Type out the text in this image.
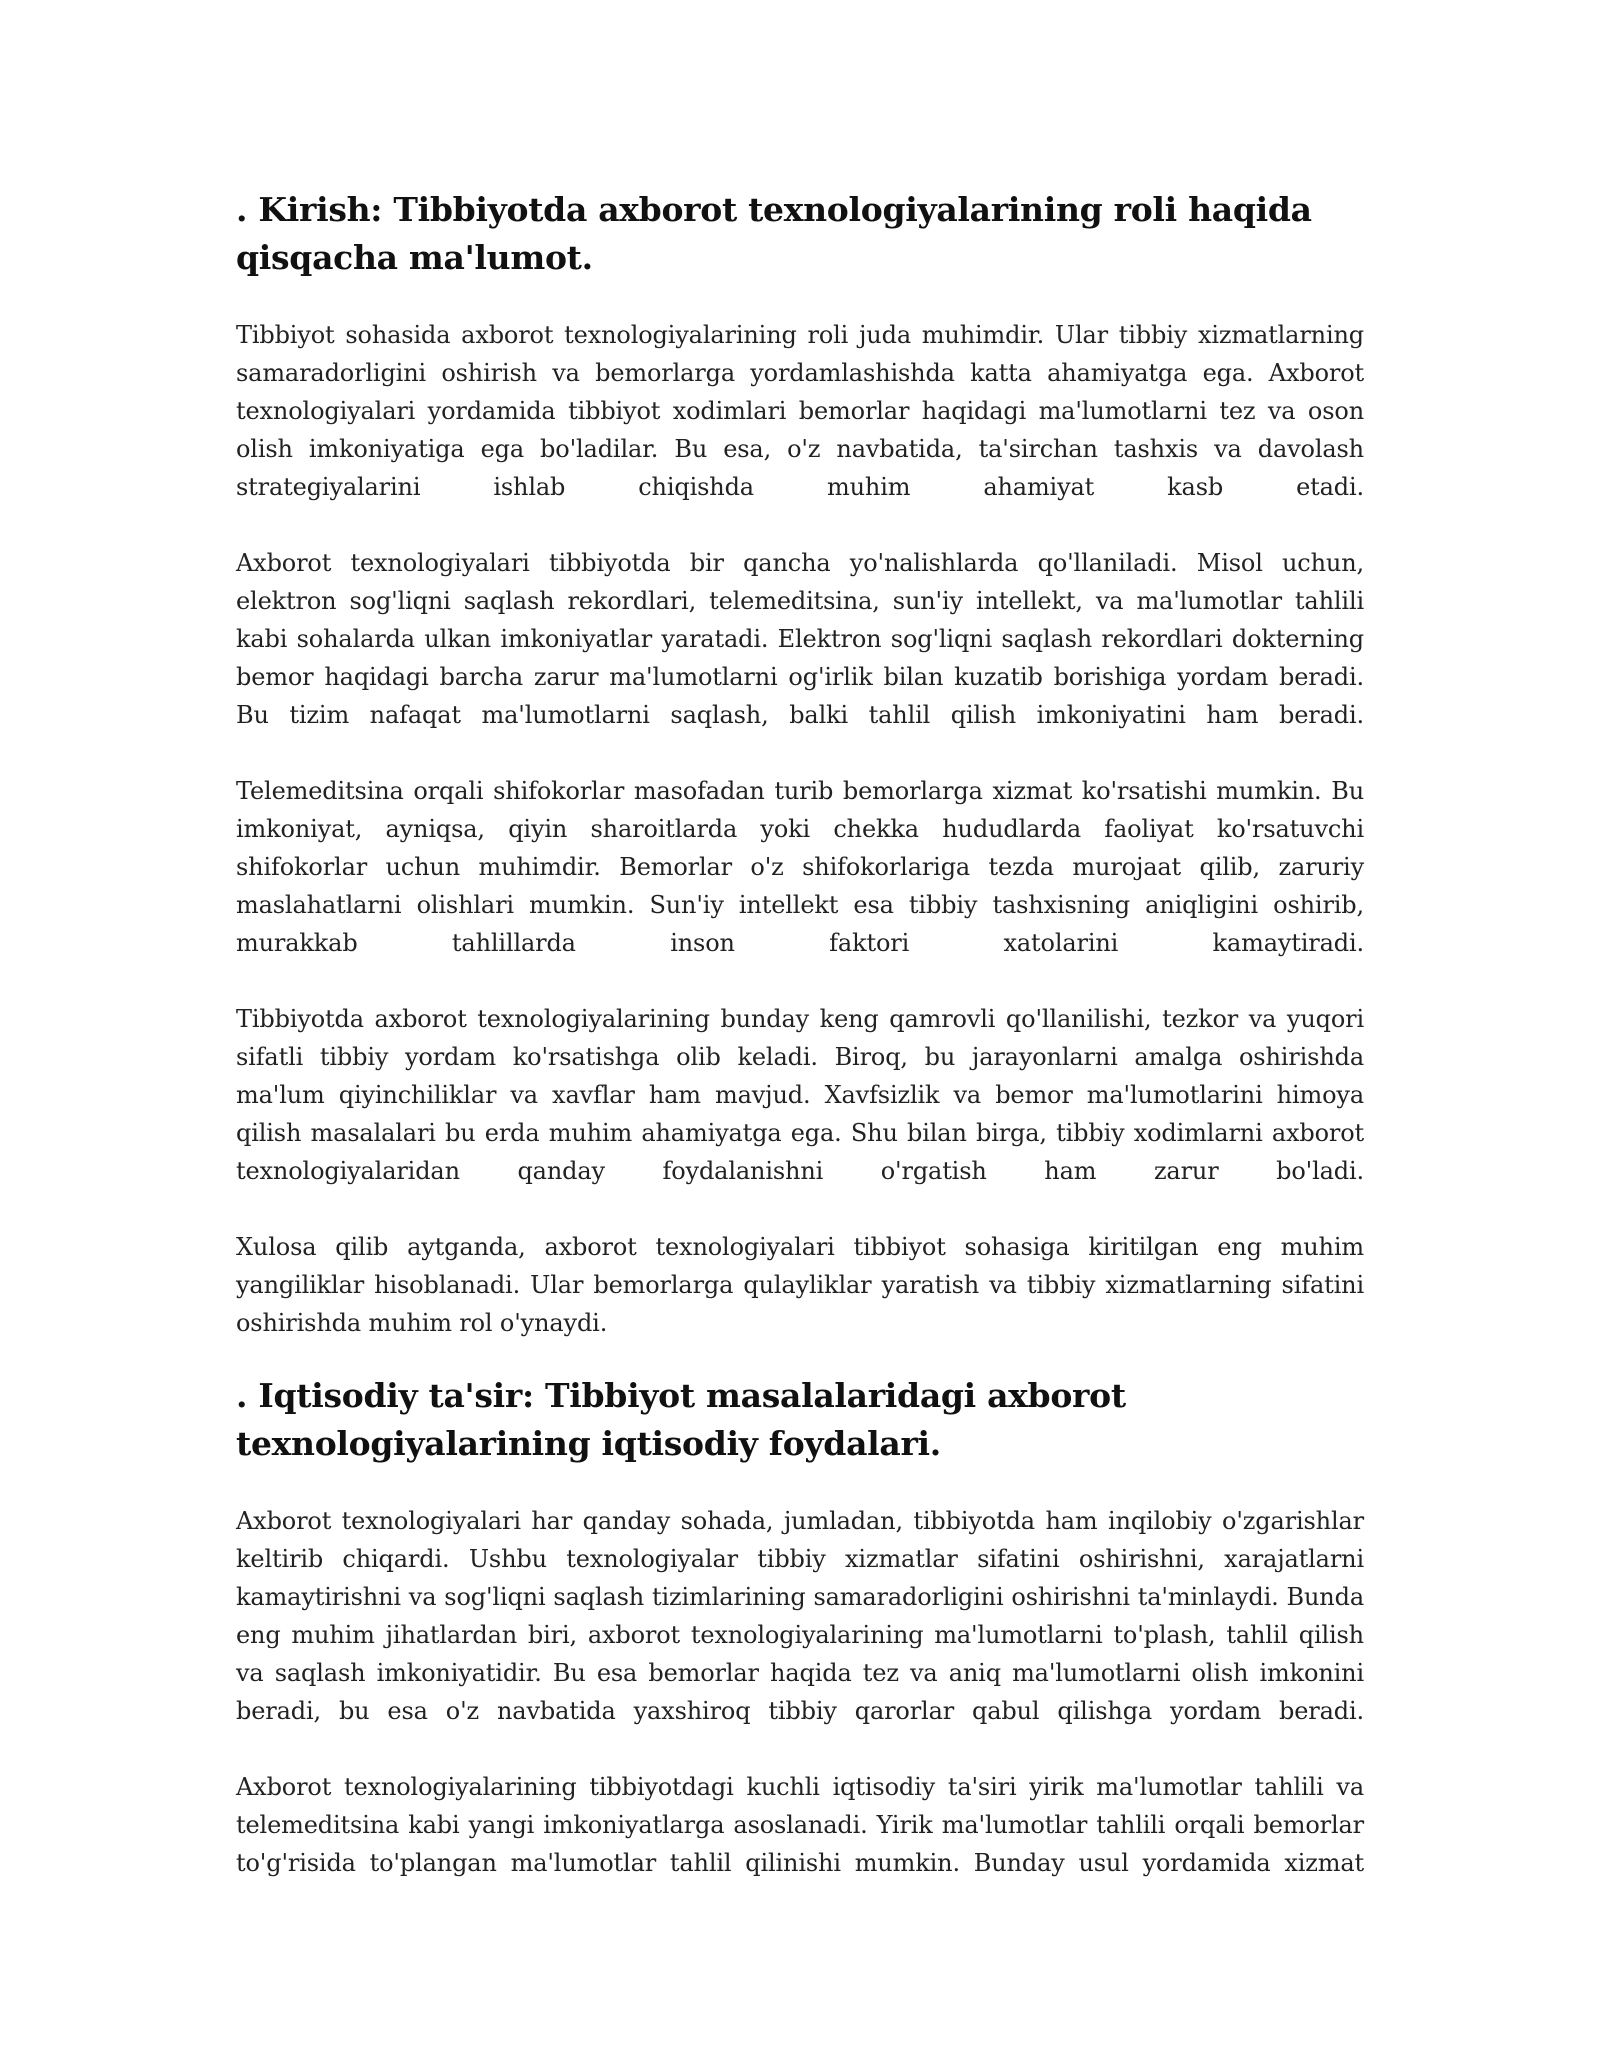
. Kirish: Tibbiyotda axborot texnologiyalarining roli haqida qisqacha ma'lumot.

Tibbiyot sohasida axborot texnologiyalarining roli juda muhimdir. Ular tibbiy xizmatlarning samaradorligini oshirish va bemorlarga yordamlashishda katta ahamiyatga ega. Axborot texnologiyalari yordamida tibbiyot xodimlari bemorlar haqidagi ma'lumotlarni tez va oson olish imkoniyatiga ega bo'ladilar. Bu esa, o'z navbatida, ta'sirchan tashxis va davolash strategiyalarini ishlab chiqishda muhim ahamiyat kasb etadi.

Axborot texnologiyalari tibbiyotda bir qancha yo'nalishlarda qo'llaniladi. Misol uchun, elektron sog'liqni saqlash rekordlari, telemeditsina, sun'iy intellekt, va ma'lumotlar tahlili kabi sohalarda ulkan imkoniyatlar yaratadi. Elektron sog'liqni saqlash rekordlari dokterning bemor haqidagi barcha zarur ma'lumotlarni og'irlik bilan kuzatib borishiga yordam beradi. Bu tizim nafaqat ma'lumotlarni saqlash, balki tahlil qilish imkoniyatini ham beradi.

Telemeditsina orqali shifokorlar masofadan turib bemorlarga xizmat ko'rsatishi mumkin. Bu imkoniyat, ayniqsa, qiyin sharoitlarda yoki chekka hududlarda faoliyat ko'rsatuvchi shifokorlar uchun muhimdir. Bemorlar o'z shifokorlariga tezda murojaat qilib, zaruriy maslahatlarni olishlari mumkin. Sun'iy intellekt esa tibbiy tashxisning aniqligini oshirib, murakkab tahlillarda inson faktori xatolarini kamaytiradi.

Tibbiyotda axborot texnologiyalarining bunday keng qamrovli qo'llanilishi, tezkor va yuqori sifatli tibbiy yordam ko'rsatishga olib keladi. Biroq, bu jarayonlarni amalga oshirishda ma'lum qiyinchiliklar va xavflar ham mavjud. Xavfsizlik va bemor ma'lumotlarini himoya qilish masalalari bu erda muhim ahamiyatga ega. Shu bilan birga, tibbiy xodimlarni axborot texnologiyalaridan qanday foydalanishni o'rgatish ham zarur bo'ladi.

Xulosa qilib aytganda, axborot texnologiyalari tibbiyot sohasiga kiritilgan eng muhim yangiliklar hisoblanadi. Ular bemorlarga qulayliklar yaratish va tibbiy xizmatlarning sifatini oshirishda muhim rol o'ynaydi.

. Iqtisodiy ta'sir: Tibbiyot masalalaridagi axborot texnologiyalarining iqtisodiy foydalari.

Axborot texnologiyalari har qanday sohada, jumladan, tibbiyotda ham inqilobiy o'zgarishlar keltirib chiqardi. Ushbu texnologiyalar tibbiy xizmatlar sifatini oshirishni, xarajatlarni kamaytirishni va sog'liqni saqlash tizimlarining samaradorligini oshirishni ta'minlaydi. Bunda eng muhim jihatlardan biri, axborot texnologiyalarining ma'lumotlarni to'plash, tahlil qilish va saqlash imkoniyatidir. Bu esa bemorlar haqida tez va aniq ma'lumotlarni olish imkonini beradi, bu esa o'z navbatida yaxshiroq tibbiy qarorlar qabul qilishga yordam beradi.

Axborot texnologiyalarining tibbiyotdagi kuchli iqtisodiy ta'siri yirik ma'lumotlar tahlili va telemeditsina kabi yangi imkoniyatlarga asoslanadi. Yirik ma'lumotlar tahlili orqali bemorlar to'g'risida to'plangan ma'lumotlar tahlil qilinishi mumkin. Bunday usul yordamida xizmat
